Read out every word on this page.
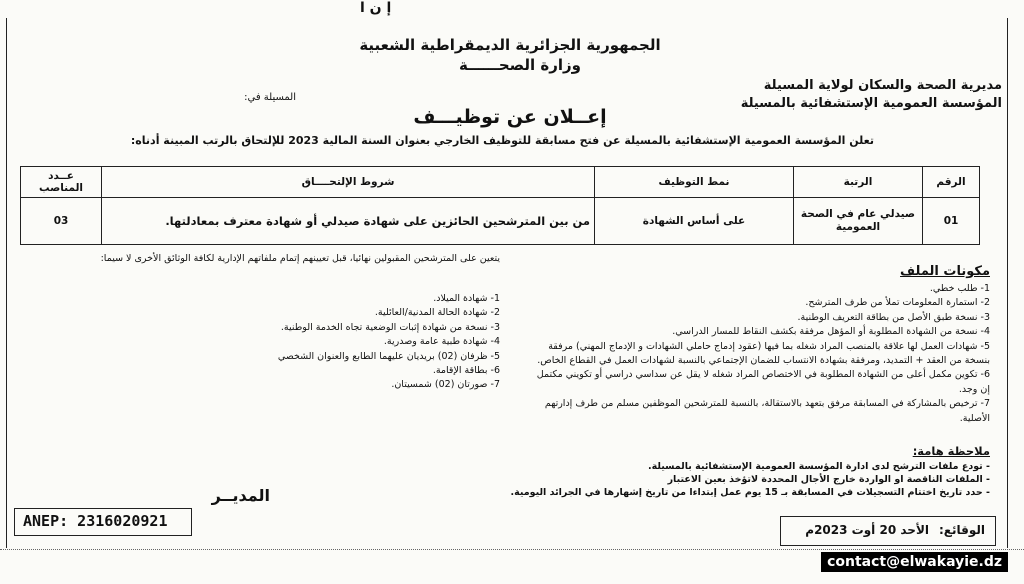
إ ن ا
الجمهورية الجزائرية الديمقراطية الشعبية
وزارة الصحــــــة
مديرية الصحة والسكان لولاية المسيلة
المؤسسة العمومية الإستشفائية بالمسيلة
المسيلة في:
إعــلان عن توظيـــف
تعلن المؤسسة العمومية الإستشفائية بالمسيلة عن فتح مسابقة للتوظيف الخارجي بعنوان السنة المالية 2023 للإلتحاق بالرتب المبينة أدناه:
الرقم	الرتبة	نمط التوظيف	شروط الإلتحــــاق	عــدد المناصب
01	صيدلي عام في الصحة العمومية	على أساس الشهادة	من بين المترشحين الحائزين على شهادة صيدلي أو شهادة معترف بمعادلتها.	03
مكونات الملف
1- طلب خطي.
2- استمارة المعلومات تملأ من طرف المترشح.
3- نسخة طبق الأصل من بطاقة التعريف الوطنية.
4- نسخة من الشهادة المطلوبة أو المؤهل مرفقة بكشف النقاط للمسار الدراسي.
5- شهادات العمل لها علاقة بالمنصب المراد شغله بما فيها (عقود إدماج حاملي الشهادات و الإدماج المهني) مرفقة بنسخة من العقد + التمديد، ومرفقة بشهادة الانتساب للضمان الإجتماعي بالنسبة لشهادات العمل في القطاع الخاص.
6- تكوين مكمل أعلى من الشهادة المطلوبة في الاختصاص المراد شغله لا يقل عن سداسي دراسي أو تكويني مكتمل إن وجد.
7- ترخيص بالمشاركة في المسابقة مرفق بتعهد بالاستقالة، بالنسبة للمترشحين الموظفين مسلم من طرف إدارتهم الأصلية.
يتعين على المترشحين المقبولين نهائيا، قبل تعيينهم إتمام ملفاتهم الإدارية لكافة الوثائق الأخرى لا سيما:
1- شهادة الميلاد.
2- شهادة الحالة المدنية/العائلية.
3- نسخة من شهادة إثبات الوضعية تجاه الخدمة الوطنية.
4- شهادة طبية عامة وصدرية.
5- ظرفان (02) بريديان عليهما الطابع والعنوان الشخصي
6- بطاقة الإقامة.
7- صورتان (02) شمسيتان.
ملاحظة هامة:
- تودع ملفات الترشح لدى ادارة المؤسسة العمومية الإستشفائية بالمسيلة.
- الملفات الناقصة او الواردة خارج الأجال المحددة لاتؤخذ بعين الاعتبار
- حدد تاريخ اختتام التسجيلات في المسابقة بـ 15 يوم عمل إبتداءا من تاريخ إشهارها في الجرائد اليومية.
المديــر
ANEP: 2316020921	الوقائع:
الأحد 20 أوت 2023م
contact@elwakayie.dz
